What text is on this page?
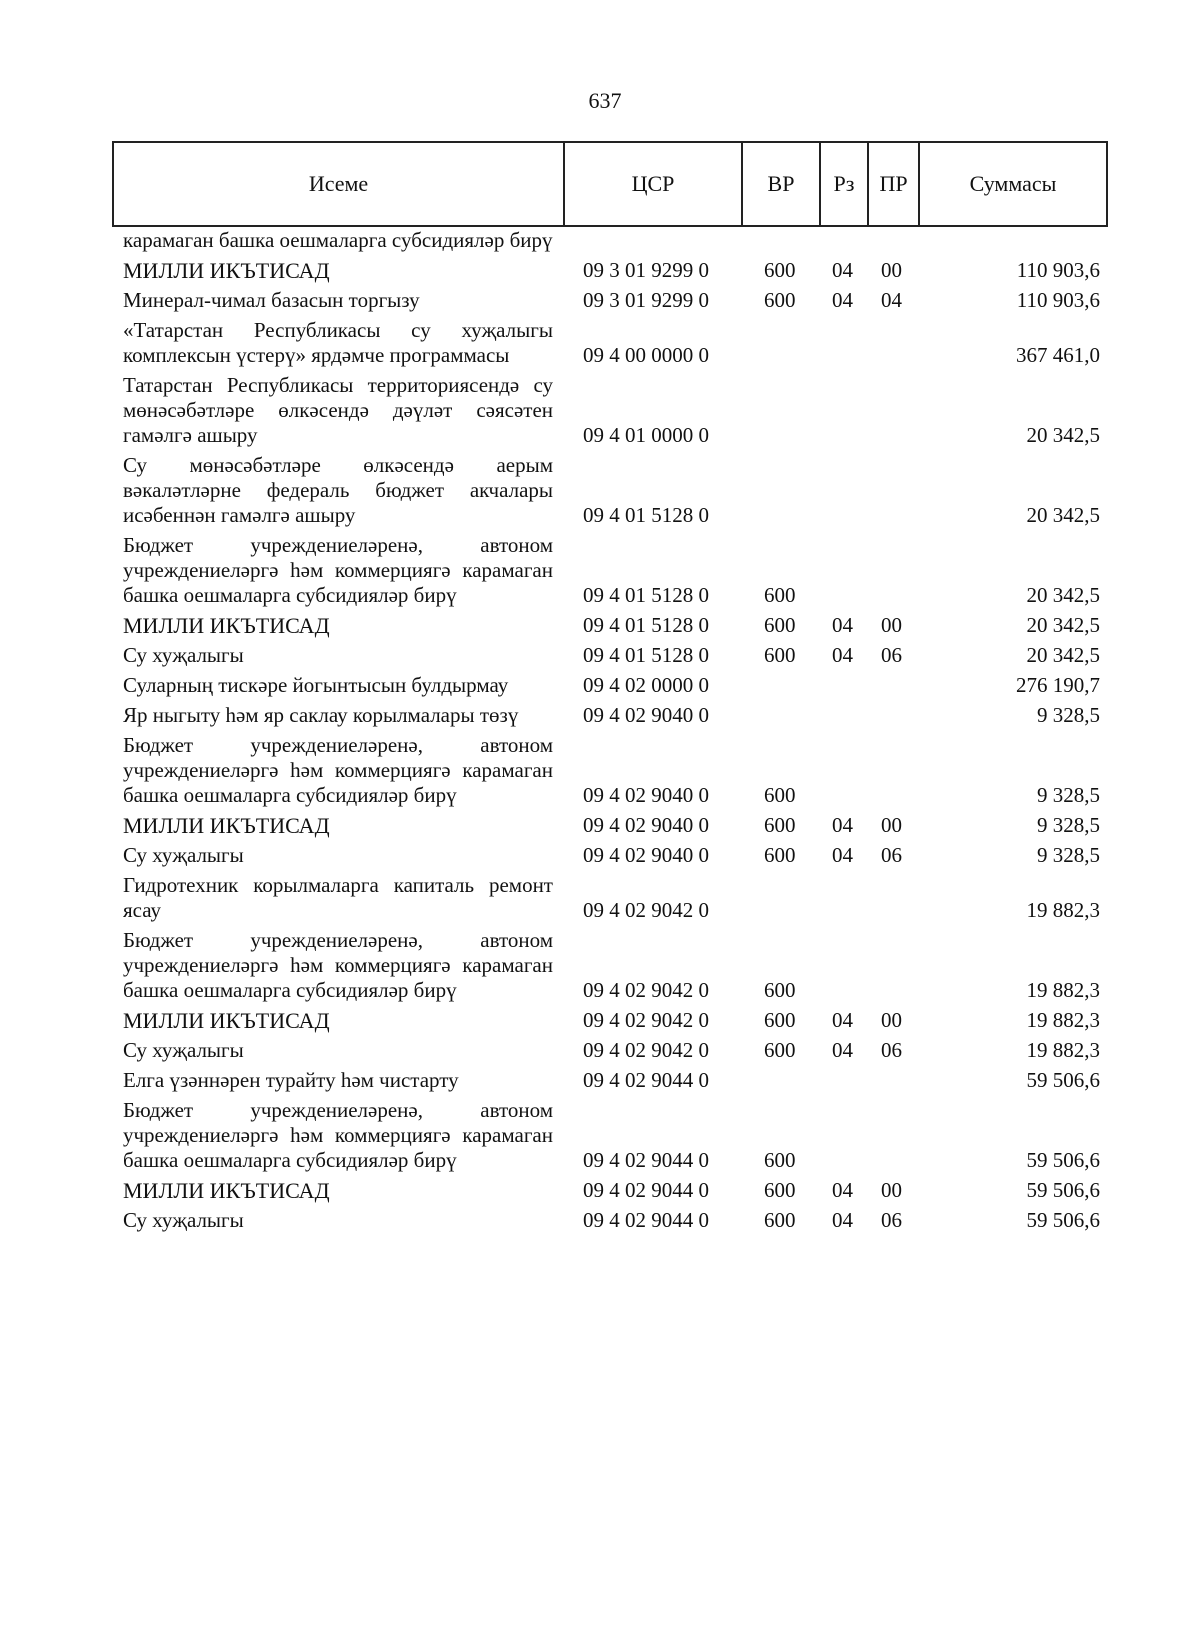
637
Исеме	ЦСР	ВР	Рз	ПР	Суммасы
карамаган башка оешмаларга субсидияләр бирү
МИЛЛИ ИКЪТИСАД	09 3 01 9299 0	600 04 00	110 903,6
Минерал-чимал базасын торгызу	09 3 01 9299 0	600 04 04	110 903,6
«Татарстан Республикасы су хуҗалыгы комплексын үстерү» ярдәмче программасы	09 4 00 0000 0	367 461,0
Татарстан Республикасы территориясендә су мөнәсәбәтләре өлкәсендә дәүләт сәясәтен гамәлгә ашыру	09 4 01 0000 0	20 342,5
Су мөнәсәбәтләре өлкәсендә аерым вәкаләтләрне федераль бюджет акчалары исәбеннән гамәлгә ашыру	09 4 01 5128 0	20 342,5
Бюджет учреждениеләренә, автоном учреждениеләргә һәм коммерциягә карамаган башка оешмаларга субсидияләр бирү	09 4 01 5128 0	600	20 342,5
МИЛЛИ ИКЪТИСАД	09 4 01 5128 0	600 04 00	20 342,5
Су хуҗалыгы	09 4 01 5128 0	600 04 06	20 342,5
Суларның тискәре йогынтысын булдырмау	09 4 02 0000 0	276 190,7
Яр ныгыту һәм яр саклау корылмалары төзү	09 4 02 9040 0	9 328,5
Бюджет учреждениеләренә, автоном учреждениеләргә һәм коммерциягә карамаган башка оешмаларга субсидияләр бирү	09 4 02 9040 0	600	9 328,5
МИЛЛИ ИКЪТИСАД	09 4 02 9040 0	600 04 00	9 328,5
Су хуҗалыгы	09 4 02 9040 0	600 04 06	9 328,5
Гидротехник корылмаларга капиталь ремонт ясау	09 4 02 9042 0	19 882,3
Бюджет учреждениеләренә, автоном учреждениеләргә һәм коммерциягә карамаган башка оешмаларга субсидияләр бирү	09 4 02 9042 0	600	19 882,3
МИЛЛИ ИКЪТИСАД	09 4 02 9042 0	600 04 00	19 882,3
Су хуҗалыгы	09 4 02 9042 0	600 04 06	19 882,3
Елга үзәннәрен турайту һәм чистарту	09 4 02 9044 0	59 506,6
Бюджет учреждениеләренә, автоном учреждениеләргә һәм коммерциягә карамаган башка оешмаларга субсидияләр бирү	09 4 02 9044 0	600	59 506,6
МИЛЛИ ИКЪТИСАД	09 4 02 9044 0	600 04 00	59 506,6
Су хуҗалыгы	09 4 02 9044 0	600 04 06	59 506,6
